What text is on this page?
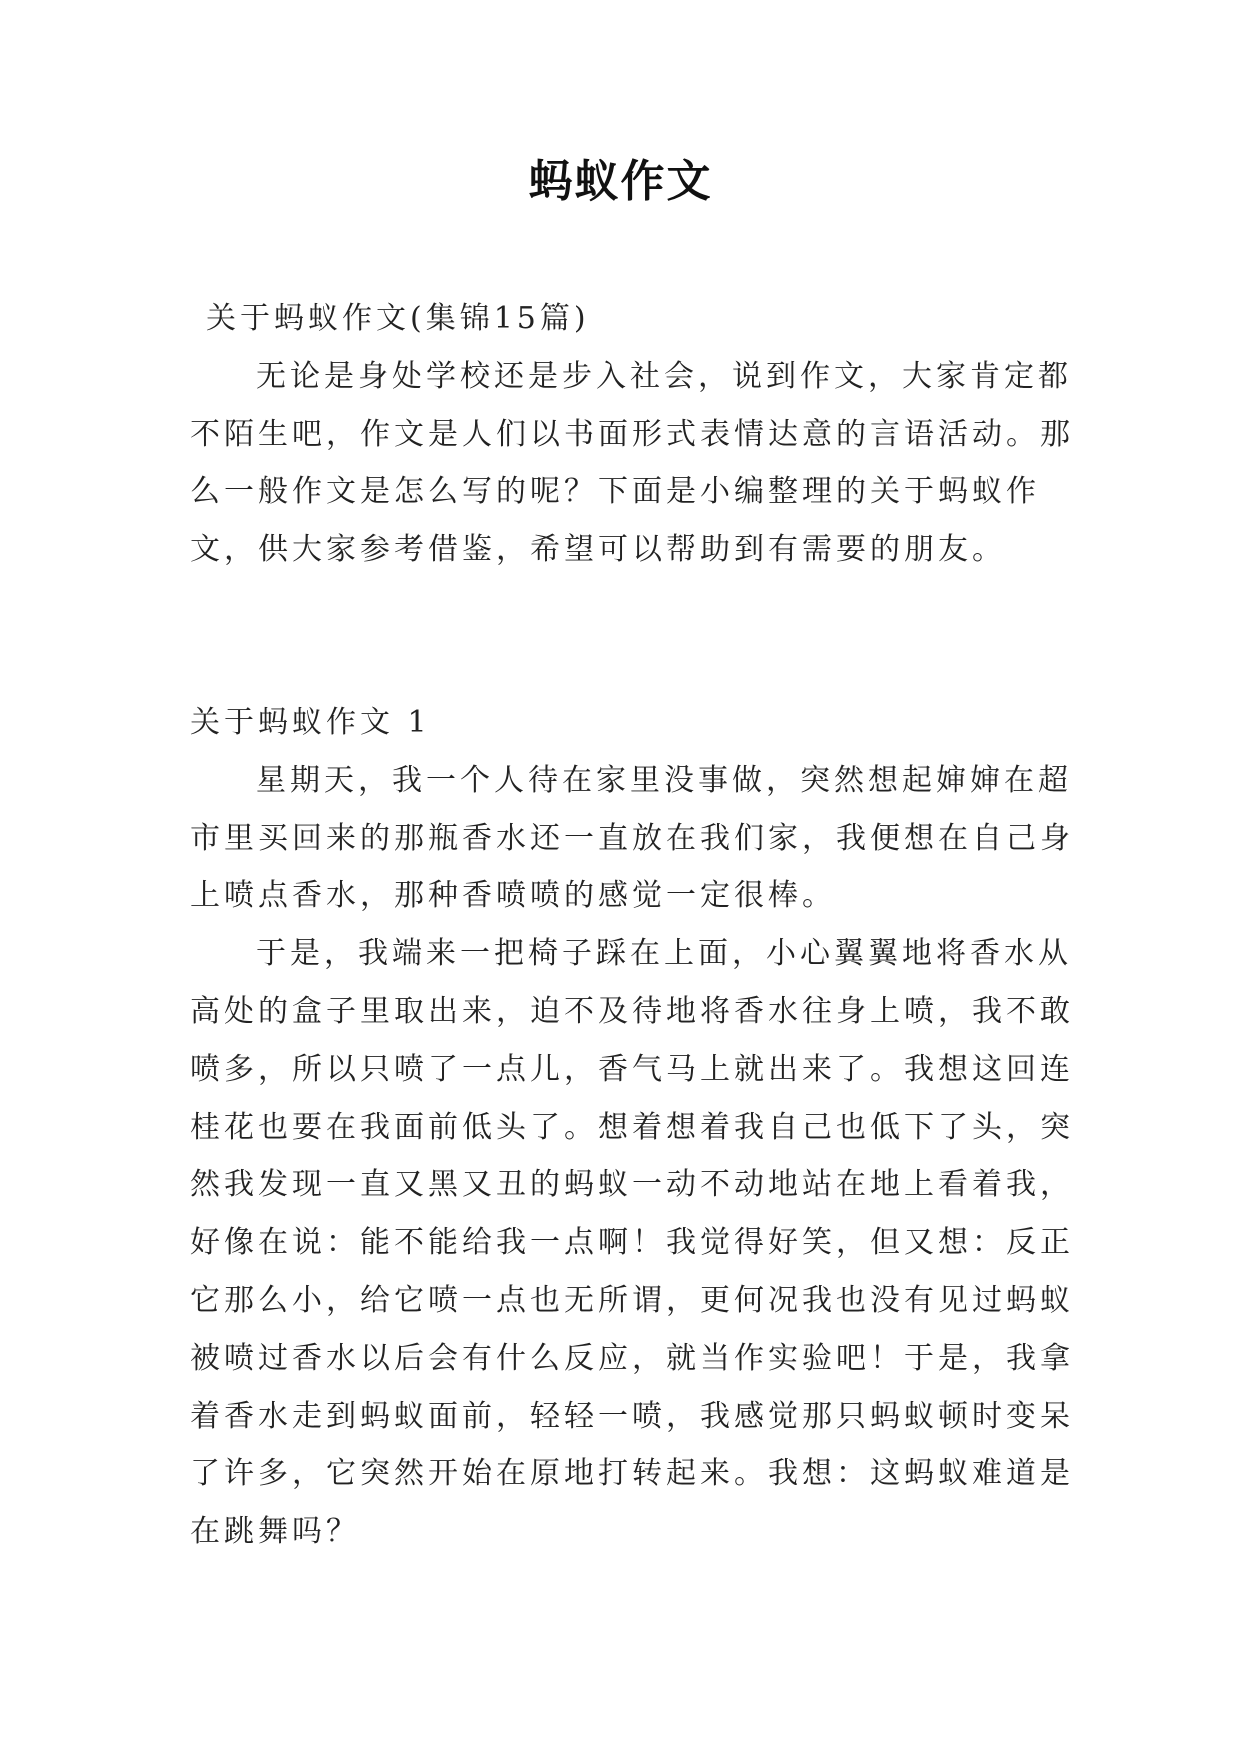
蚂蚁作文
关于蚂蚁作文(集锦15篇)
无论是身处学校还是步入社会，说到作文，大家肯定都
不陌生吧，作文是人们以书面形式表情达意的言语活动。那
么一般作文是怎么写的呢？下面是小编整理的关于蚂蚁作
文，供大家参考借鉴，希望可以帮助到有需要的朋友。
关于蚂蚁作文 1
星期天，我一个人待在家里没事做，突然想起婶婶在超
市里买回来的那瓶香水还一直放在我们家，我便想在自己身
上喷点香水，那种香喷喷的感觉一定很棒。
于是，我端来一把椅子踩在上面，小心翼翼地将香水从
高处的盒子里取出来，迫不及待地将香水往身上喷，我不敢
喷多，所以只喷了一点儿，香气马上就出来了。我想这回连
桂花也要在我面前低头了。想着想着我自己也低下了头，突
然我发现一直又黑又丑的蚂蚁一动不动地站在地上看着我，
好像在说：能不能给我一点啊！我觉得好笑，但又想：反正
它那么小，给它喷一点也无所谓，更何况我也没有见过蚂蚁
被喷过香水以后会有什么反应，就当作实验吧！于是，我拿
着香水走到蚂蚁面前，轻轻一喷，我感觉那只蚂蚁顿时变呆
了许多，它突然开始在原地打转起来。我想：这蚂蚁难道是
在跳舞吗？
